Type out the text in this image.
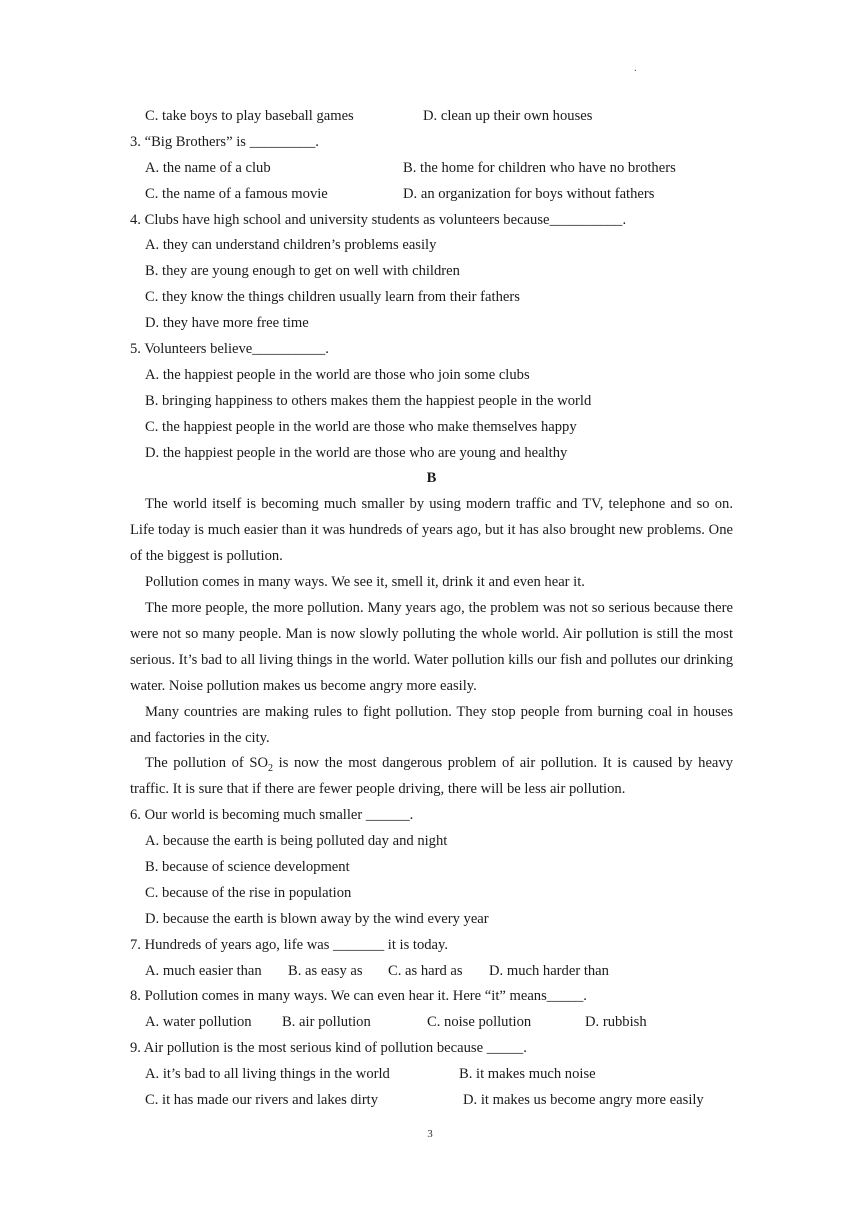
.
C. take boys to play baseball games	D. clean up their own houses
3. “Big Brothers” is _________.
A. the name of a club	B. the home for children who have no brothers
C. the name of a famous movie	D. an organization for boys without fathers
4. Clubs have high school and university students as volunteers because__________.
A. they can understand children’s problems easily
B. they are young enough to get on well with children
C. they know the things children usually learn from their fathers
D. they have more free time
5. Volunteers believe__________.
A. the happiest people in the world are those who join some clubs
B. bringing happiness to others makes them the happiest people in the world
C. the happiest people in the world are those who make themselves happy
D. the happiest people in the world are those who are young and healthy
B
The world itself is becoming much smaller by using modern traffic and TV, telephone and so on. Life today is much easier than it was hundreds of years ago, but it has also brought new problems. One of the biggest is pollution.
Pollution comes in many ways. We see it, smell it, drink it and even hear it.
The more people, the more pollution. Many years ago, the problem was not so serious because there were not so many people. Man is now slowly polluting the whole world. Air pollution is still the most serious. It’s bad to all living things in the world. Water pollution kills our fish and pollutes our drinking water. Noise pollution makes us become angry more easily.
Many countries are making rules to fight pollution. They stop people from burning coal in houses and factories in the city.
The pollution of $SO_2$ is now the most dangerous problem of air pollution. It is caused by heavy traffic. It is sure that if there are fewer people driving, there will be less air pollution.
6. Our world is becoming much smaller ______.
A. because the earth is being polluted day and night
B. because of science development
C. because of the rise in population
D. because the earth is blown away by the wind every year
7. Hundreds of years ago, life was _______ it is today.
A. much easier than B. as easy as C. as hard as D. much harder than
8. Pollution comes in many ways. We can even hear it. Here “it” means_____.
A. water pollution B. air pollution	C. noise pollution	D. rubbish
9. Air pollution is the most serious kind of pollution because _____.
A. it’s bad to all living things in the world	B. it makes much noise
C. it has made our rivers and lakes dirty	D. it makes us become angry more easily
3
